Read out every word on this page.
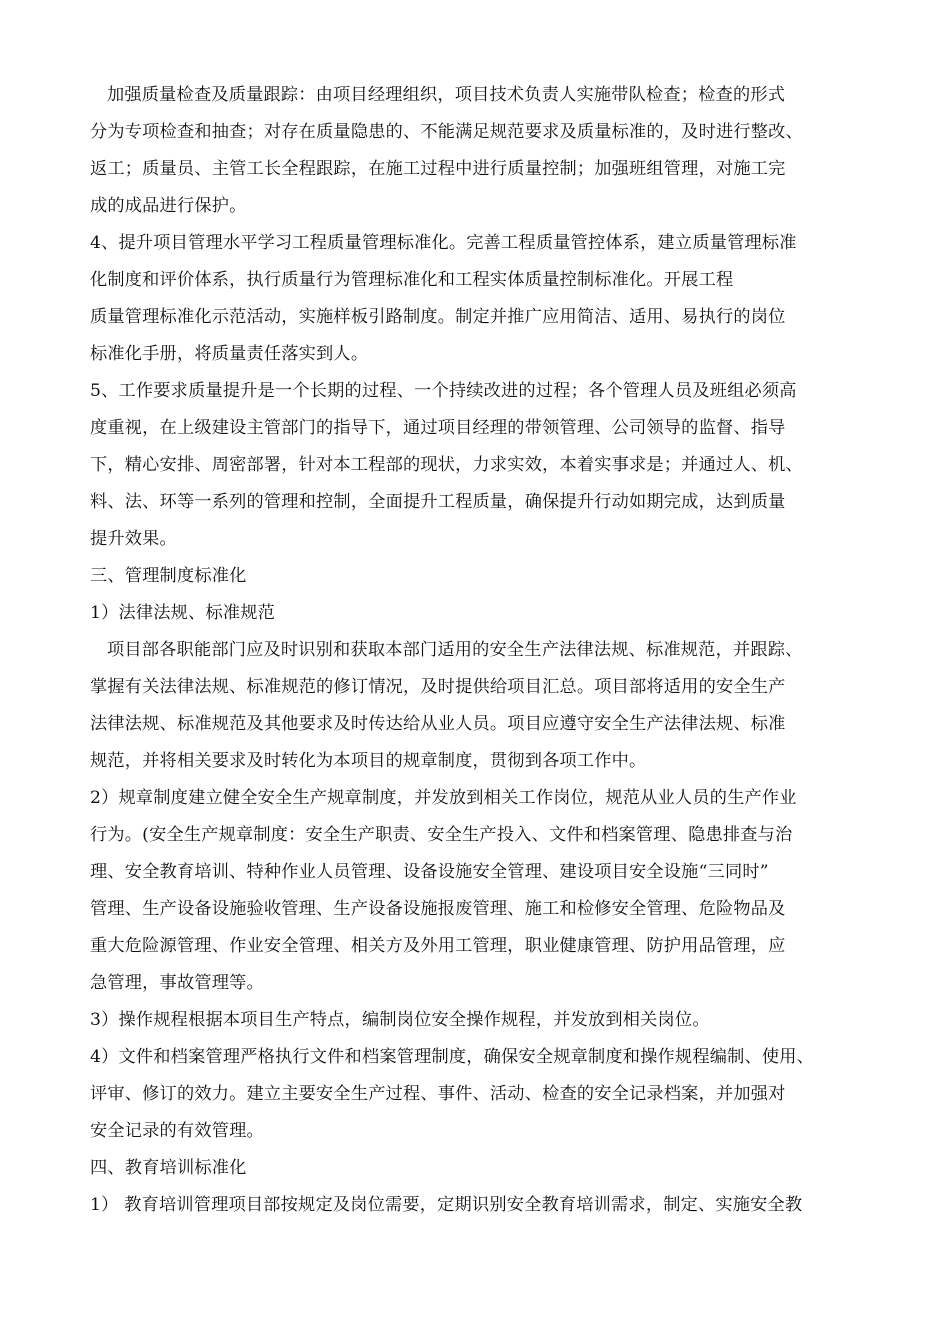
加强质量检查及质量跟踪：由项目经理组织，项目技术负责人实施带队检查；检查的形式
分为专项检查和抽查；对存在质量隐患的、不能满足规范要求及质量标准的，及时进行整改、
返工；质量员、主管工长全程跟踪，在施工过程中进行质量控制；加强班组管理，对施工完
成的成品进行保护。

4、提升项目管理水平学习工程质量管理标准化。完善工程质量管控体系，建立质量管理标准
化制度和评价体系，执行质量行为管理标准化和工程实体质量控制标准化。开展工程
质量管理标准化示范活动，实施样板引路制度。制定并推广应用简洁、适用、易执行的岗位
标准化手册，将质量责任落实到人。

5、工作要求质量提升是一个长期的过程、一个持续改进的过程；各个管理人员及班组必须高
度重视，在上级建设主管部门的指导下，通过项目经理的带领管理、公司领导的监督、指导
下，精心安排、周密部署，针对本工程部的现状，力求实效，本着实事求是；并通过人、机、
料、法、环等一系列的管理和控制，全面提升工程质量，确保提升行动如期完成，达到质量
提升效果。

三、管理制度标准化

1）法律法规、标准规范

项目部各职能部门应及时识别和获取本部门适用的安全生产法律法规、标准规范，并跟踪、
掌握有关法律法规、标准规范的修订情况，及时提供给项目汇总。项目部将适用的安全生产
法律法规、标准规范及其他要求及时传达给从业人员。项目应遵守安全生产法律法规、标准
规范，并将相关要求及时转化为本项目的规章制度，贯彻到各项工作中。

2）规章制度建立健全安全生产规章制度，并发放到相关工作岗位，规范从业人员的生产作业
行为。(安全生产规章制度：安全生产职责、安全生产投入、文件和档案管理、隐患排查与治
理、安全教育培训、特种作业人员管理、设备设施安全管理、建设项目安全设施“三同时”
管理、生产设备设施验收管理、生产设备设施报废管理、施工和检修安全管理、危险物品及
重大危险源管理、作业安全管理、相关方及外用工管理，职业健康管理、防护用品管理，应
急管理，事故管理等。

3）操作规程根据本项目生产特点，编制岗位安全操作规程，并发放到相关岗位。

4）文件和档案管理严格执行文件和档案管理制度，确保安全规章制度和操作规程编制、使用、
评审、修订的效力。建立主要安全生产过程、事件、活动、检查的安全记录档案，并加强对
安全记录的有效管理。

四、教育培训标准化

1） 教育培训管理项目部按规定及岗位需要，定期识别安全教育培训需求，制定、实施安全教
